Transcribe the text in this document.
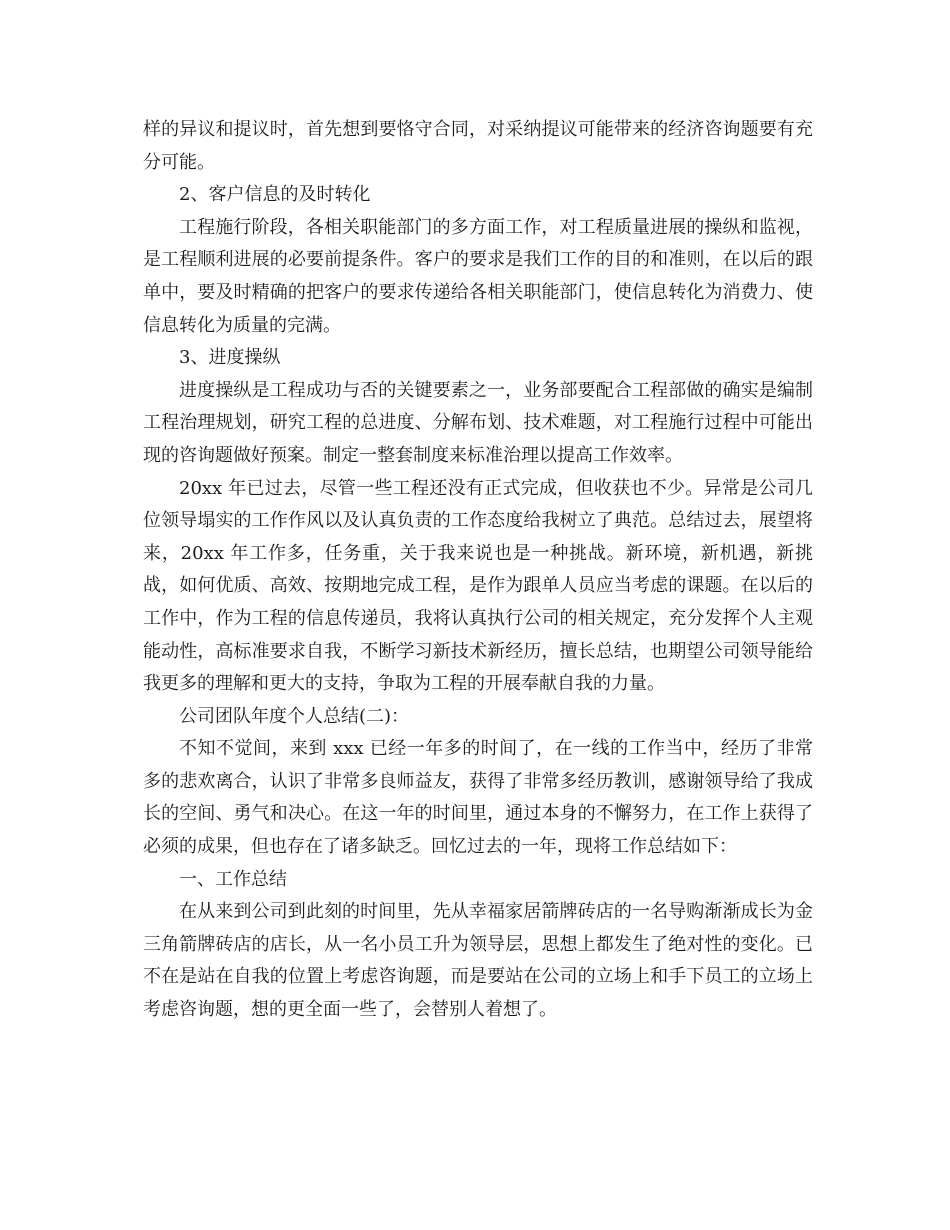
样的异议和提议时，首先想到要恪守合同，对采纳提议可能带来的经济咨询题要有充分可能。

2、客户信息的及时转化

工程施行阶段，各相关职能部门的多方面工作，对工程质量进展的操纵和监视，是工程顺利进展的必要前提条件。客户的要求是我们工作的目的和准则，在以后的跟单中，要及时精确的把客户的要求传递给各相关职能部门，使信息转化为消费力、使信息转化为质量的完满。

3、进度操纵

进度操纵是工程成功与否的关键要素之一，业务部要配合工程部做的确实是编制工程治理规划，研究工程的总进度、分解布划、技术难题，对工程施行过程中可能出现的咨询题做好预案。制定一整套制度来标准治理以提高工作效率。

20xx 年已过去，尽管一些工程还没有正式完成，但收获也不少。异常是公司几位领导塌实的工作作风以及认真负责的工作态度给我树立了典范。总结过去，展望将来，20xx 年工作多，任务重，关于我来说也是一种挑战。新环境，新机遇，新挑战，如何优质、高效、按期地完成工程，是作为跟单人员应当考虑的课题。在以后的工作中，作为工程的信息传递员，我将认真执行公司的相关规定，充分发挥个人主观能动性，高标准要求自我，不断学习新技术新经历，擅长总结，也期望公司领导能给我更多的理解和更大的支持，争取为工程的开展奉献自我的力量。

公司团队年度个人总结(二)：

不知不觉间，来到 xxx 已经一年多的时间了，在一线的工作当中，经历了非常多的悲欢离合，认识了非常多良师益友，获得了非常多经历教训，感谢领导给了我成长的空间、勇气和决心。在这一年的时间里，通过本身的不懈努力，在工作上获得了必须的成果，但也存在了诸多缺乏。回忆过去的一年，现将工作总结如下：

一、工作总结

在从来到公司到此刻的时间里，先从幸福家居箭牌砖店的一名导购渐渐成长为金三角箭牌砖店的店长，从一名小员工升为领导层，思想上都发生了绝对性的变化。已不在是站在自我的位置上考虑咨询题，而是要站在公司的立场上和手下员工的立场上考虑咨询题，想的更全面一些了，会替别人着想了。
